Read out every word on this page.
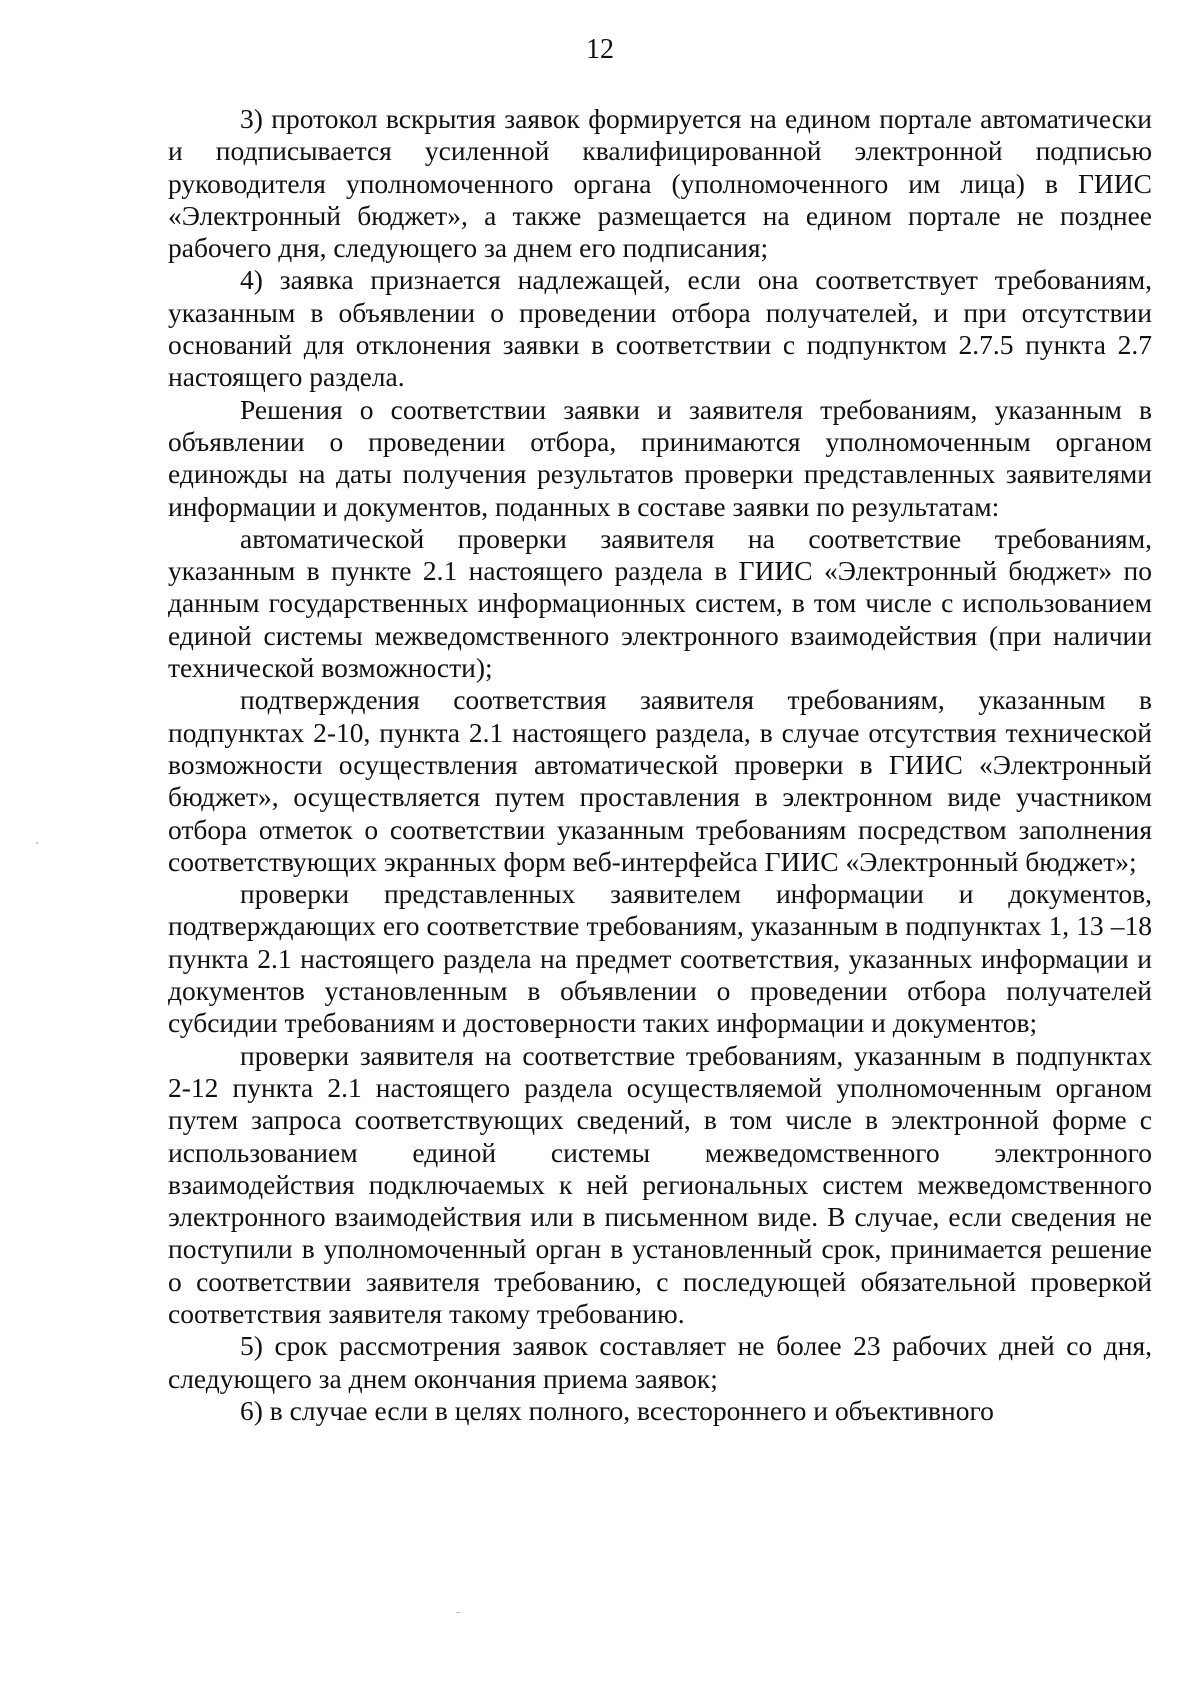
12

3) протокол вскрытия заявок формируется на едином портале автоматически и подписывается усиленной квалифицированной электронной подписью руководителя уполномоченного органа (уполномоченного им лица) в ГИИС «Электронный бюджет», а также размещается на едином портале не позднее рабочего дня, следующего за днем его подписания;

4) заявка признается надлежащей, если она соответствует требованиям, указанным в объявлении о проведении отбора получателей, и при отсутствии оснований для отклонения заявки в соответствии с подпунктом 2.7.5 пункта 2.7 настоящего раздела.

Решения о соответствии заявки и заявителя требованиям, указанным в объявлении о проведении отбора, принимаются уполномоченным органом единожды на даты получения результатов проверки представленных заявителями информации и документов, поданных в составе заявки по результатам:

автоматической проверки заявителя на соответствие требованиям, указанным в пункте 2.1 настоящего раздела в ГИИС «Электронный бюджет» по данным государственных информационных систем, в том числе с использованием единой системы межведомственного электронного взаимодействия (при наличии технической возможности);

подтверждения соответствия заявителя требованиям, указанным в подпунктах 2-10, пункта 2.1 настоящего раздела, в случае отсутствия технической возможности осуществления автоматической проверки в ГИИС «Электронный бюджет», осуществляется путем проставления в электронном виде участником отбора отметок о соответствии указанным требованиям посредством заполнения соответствующих экранных форм веб-интерфейса ГИИС «Электронный бюджет»;

проверки представленных заявителем информации и документов, подтверждающих его соответствие требованиям, указанным в подпунктах 1, 13 –18 пункта 2.1 настоящего раздела на предмет соответствия, указанных информации и документов установленным в объявлении о проведении отбора получателей субсидии требованиям и достоверности таких информации и документов;

проверки заявителя на соответствие требованиям, указанным в подпунктах 2-12 пункта 2.1 настоящего раздела осуществляемой уполномоченным органом путем запроса соответствующих сведений, в том числе в электронной форме с использованием единой системы межведомственного электронного взаимодействия подключаемых к ней региональных систем межведомственного электронного взаимодействия или в письменном виде. В случае, если сведения не поступили в уполномоченный орган в установленный срок, принимается решение о соответствии заявителя требованию, с последующей обязательной проверкой соответствия заявителя такому требованию.

5) срок рассмотрения заявок составляет не более 23 рабочих дней со дня, следующего за днем окончания приема заявок;

6) в случае если в целях полного, всестороннего и объективного
